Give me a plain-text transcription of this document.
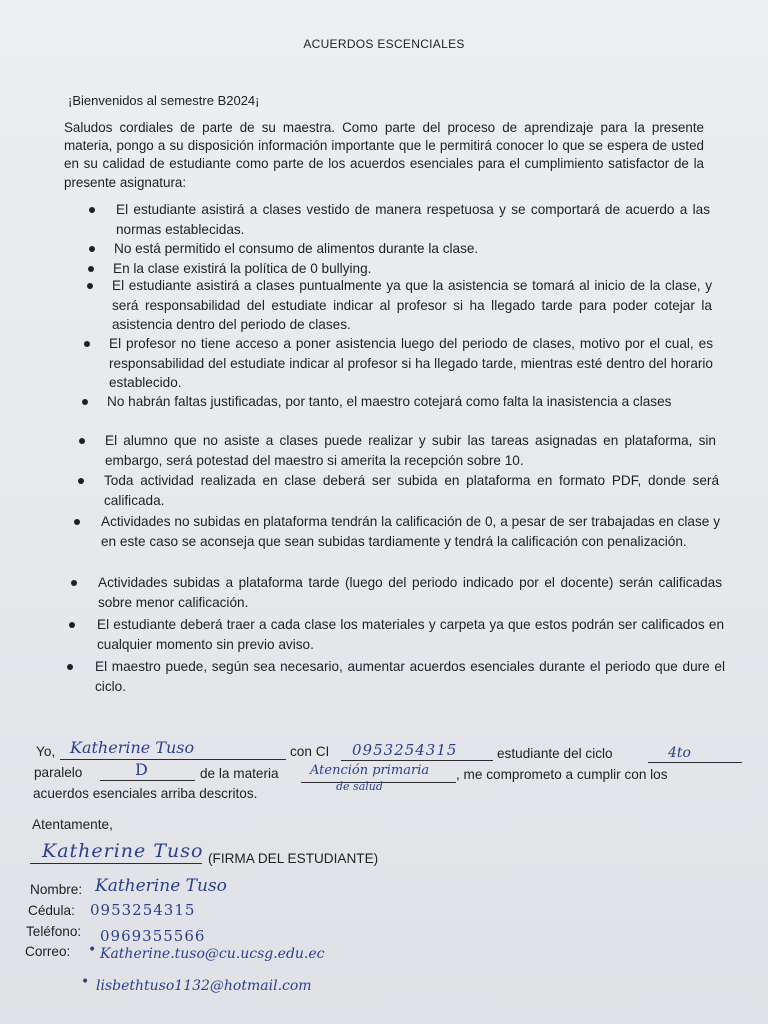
ACUERDOS ESCENCIALES
¡Bienvenidos al semestre B2024¡
Saludos cordiales de parte de su maestra. Como parte del proceso de aprendizaje para la presente materia, pongo a su disposición información importante que le permitirá conocer lo que se espera de usted en su calidad de estudiante como parte de los acuerdos esenciales para el cumplimiento satisfactor de la presente asignatura:
El estudiante asistirá a clases vestido de manera respetuosa y se comportará de acuerdo a las normas establecidas.
No está permitido el consumo de alimentos durante la clase.
En la clase existirá la política de 0 bullying.
El estudiante asistirá a clases puntualmente ya que la asistencia se tomará al inicio de la clase, y será responsabilidad del estudiate indicar al profesor si ha llegado tarde para poder cotejar la asistencia dentro del periodo de clases.
El profesor no tiene acceso a poner asistencia luego del periodo de clases, motivo por el cual, es responsabilidad del estudiate indicar al profesor si ha llegado tarde, mientras esté dentro del horario establecido.
No habrán faltas justificadas, por tanto, el maestro cotejará como falta la inasistencia a clases
El alumno que no asiste a clases puede realizar y subir las tareas asignadas en plataforma, sin embargo, será potestad del maestro si amerita la recepción sobre 10.
Toda actividad realizada en clase deberá ser subida en plataforma en formato PDF, donde será calificada.
Actividades no subidas en plataforma tendrán la calificación de 0, a pesar de ser trabajadas en clase y en este caso se aconseja que sean subidas tardiamente y tendrá la calificación con penalización.
Actividades subidas a plataforma tarde (luego del periodo indicado por el docente) serán calificadas sobre menor calificación.
El estudiante deberá traer a cada clase los materiales y carpeta ya que estos podrán ser calificados en cualquier momento sin previo aviso.
El maestro puede, según sea necesario, aumentar acuerdos esenciales durante el periodo que dure el ciclo.
Yo, Katherine Tuso	con CI 0953254315	estudiante del ciclo	4to
paralelo	D	de la materia Atención primaria
de salud
, me comprometo a cumplir con los
acuerdos esenciales arriba descritos.
Atentamente,
Katherine Tuso (FIRMA DEL ESTUDIANTE)
Nombre: Katherine Tuso
Cédula: 0953254315
Teléfono: 0969355566
Correo: • Katherine.tuso@cu.ucsg.edu.ec
• lisbethtuso1132@hotmail.com
